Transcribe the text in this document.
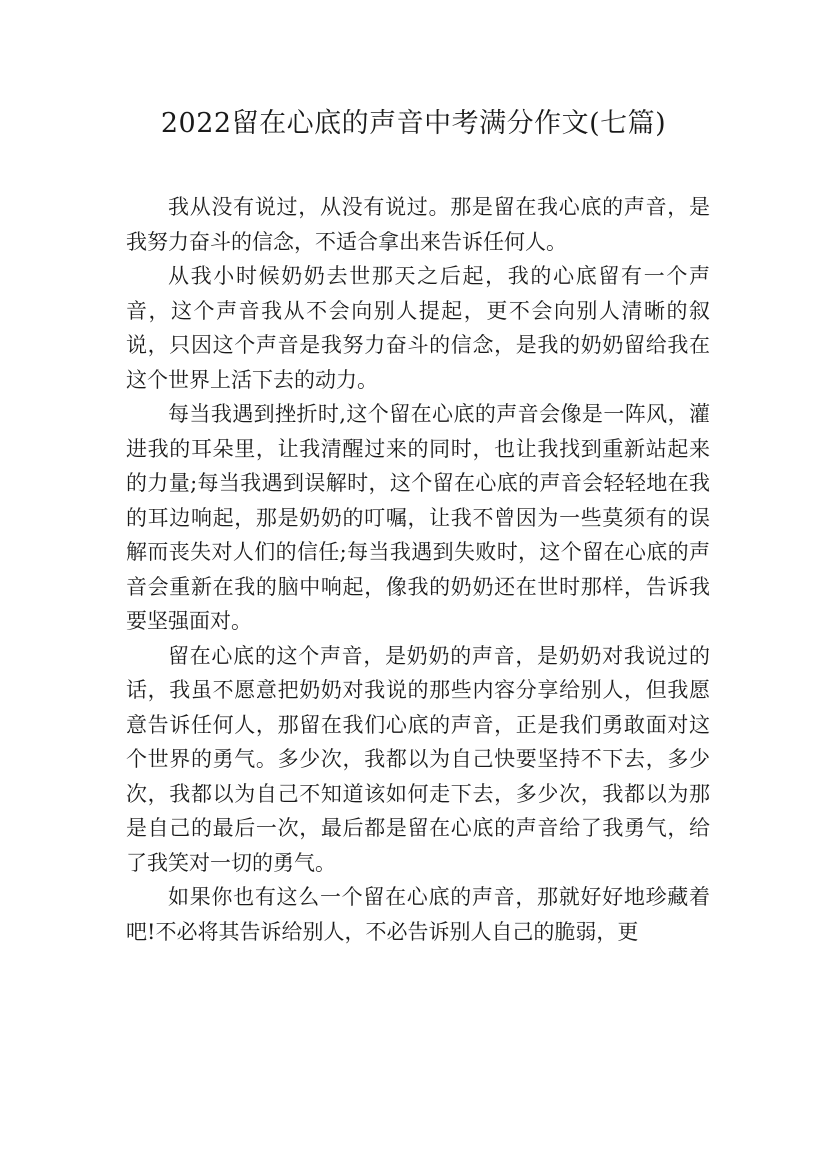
2022留在心底的声音中考满分作文(七篇)

我从没有说过，从没有说过。那是留在我心底的声音，是我努力奋斗的信念，不适合拿出来告诉任何人。

从我小时候奶奶去世那天之后起，我的心底留有一个声音，这个声音我从不会向别人提起，更不会向别人清晰的叙说，只因这个声音是我努力奋斗的信念，是我的奶奶留给我在这个世界上活下去的动力。

每当我遇到挫折时,这个留在心底的声音会像是一阵风，灌进我的耳朵里，让我清醒过来的同时，也让我找到重新站起来的力量;每当我遇到误解时，这个留在心底的声音会轻轻地在我的耳边响起，那是奶奶的叮嘱，让我不曾因为一些莫须有的误解而丧失对人们的信任;每当我遇到失败时，这个留在心底的声音会重新在我的脑中响起，像我的奶奶还在世时那样，告诉我要坚强面对。

留在心底的这个声音，是奶奶的声音，是奶奶对我说过的话，我虽不愿意把奶奶对我说的那些内容分享给别人，但我愿意告诉任何人，那留在我们心底的声音，正是我们勇敢面对这个世界的勇气。多少次，我都以为自己快要坚持不下去，多少次，我都以为自己不知道该如何走下去，多少次，我都以为那是自己的最后一次，最后都是留在心底的声音给了我勇气，给了我笑对一切的勇气。

如果你也有这么一个留在心底的声音，那就好好地珍藏着吧!不必将其告诉给别人，不必告诉别人自己的脆弱，更
